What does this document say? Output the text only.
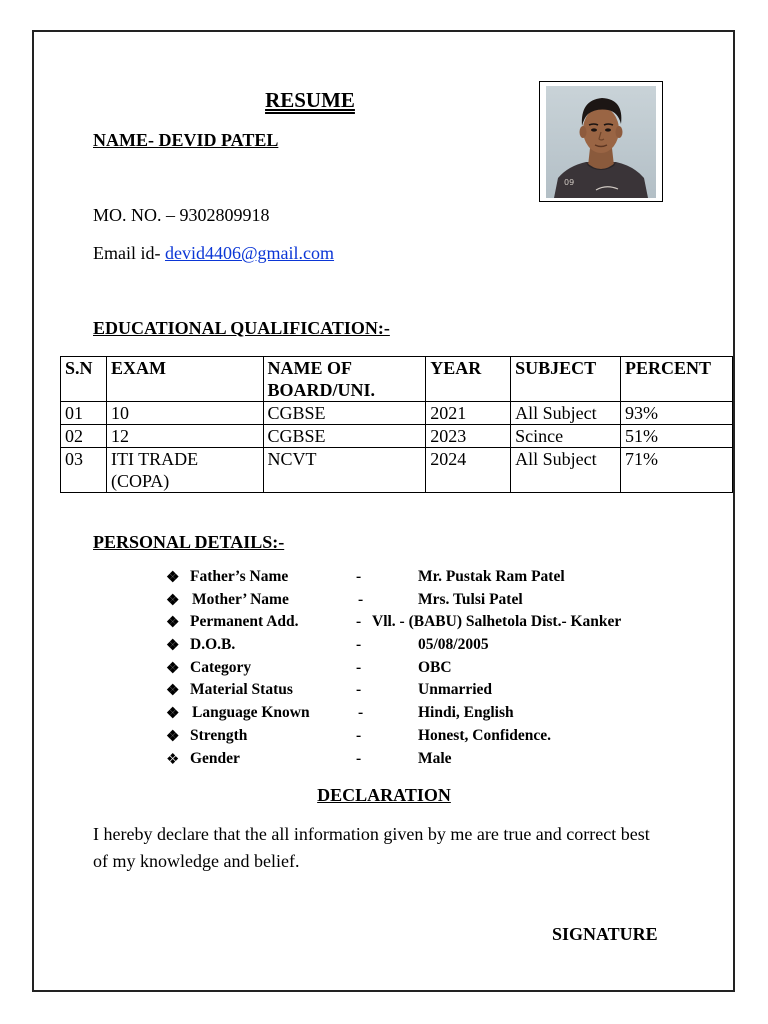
RESUME
NAME- DEVID PATEL
MO. NO. – 9302809918
Email id- devid4406@gmail.com
09
EDUCATIONAL QUALIFICATION:-
S.N	EXAM	NAME OF BOARD/UNI.	YEAR	SUBJECT	PERCENT
01	10	CGBSE	2021	All Subject	93%
02	12	CGBSE	2023	Scince	51%
03	ITI TRADE (COPA)	NCVT	2024	All Subject	71%
PERSONAL DETAILS:-
❖ Father’s Name	-	Mr. Pustak Ram Patel
❖ Mother’ Name	-	Mrs. Tulsi Patel
❖ Permanent Add.	- Vll. - (BABU) Salhetola Dist.- Kanker
❖ D.O.B.	-	05/08/2005
❖ Category	-	OBC
❖ Material Status	-	Unmarried
❖ Language Known	-	Hindi, English
❖ Strength	-	Honest, Confidence.
❖ Gender	-	Male
DECLARATION
I hereby declare that the all information given by me are true and correct best of my knowledge and belief.
SIGNATURE
